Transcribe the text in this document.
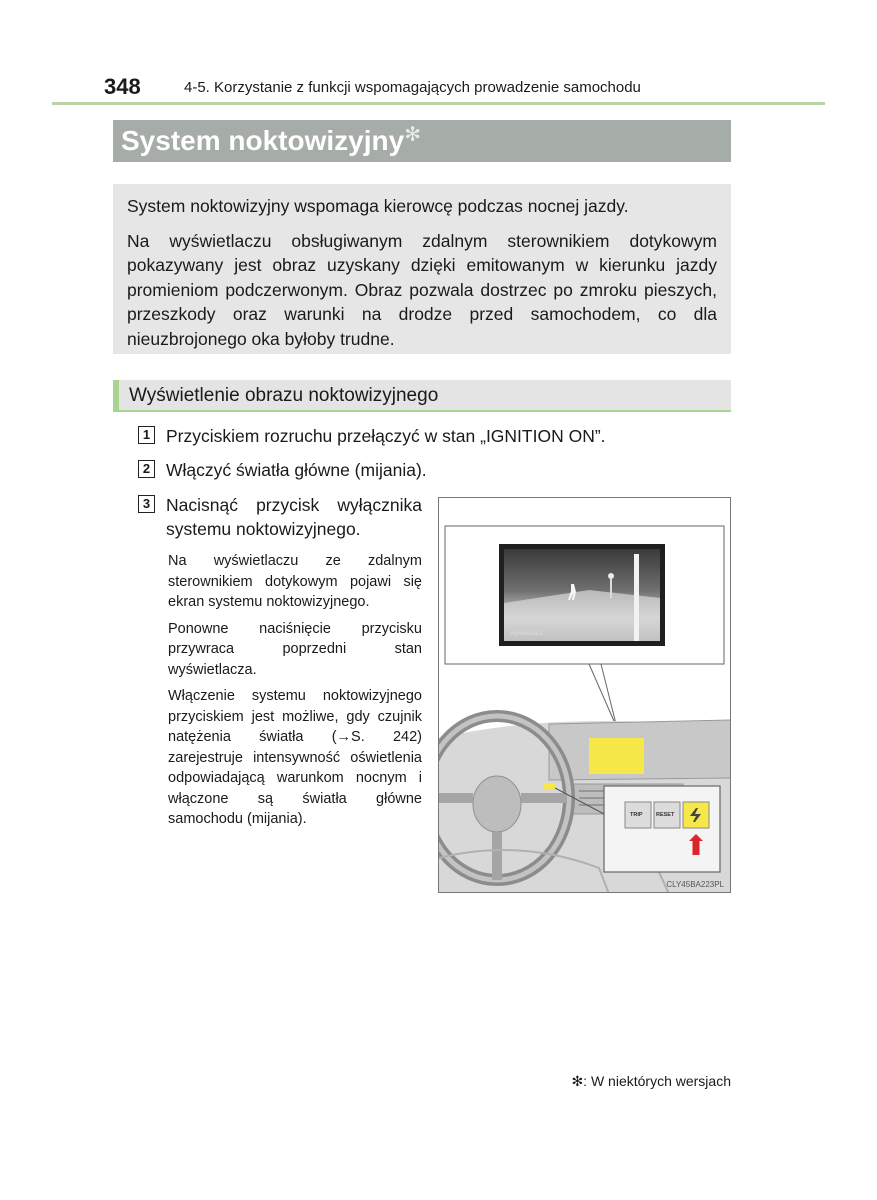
348	4-5. Korzystanie z funkcji wspomagających prowadzenie samochodu
System noktowizyjny ✻

System noktowizyjny wspomaga kierowcę podczas nocnej jazdy.

Na wyświetlaczu obsługiwanym zdalnym sterownikiem dotykowym pokazywany jest obraz uzyskany dzięki emitowanym w kierunku jazdy promieniom podczerwonym. Obraz pozwala dostrzec po zmroku pieszych, przeszkody oraz warunki na drodze przed samochodem, co dla nieuzbrojonego oka byłoby trudne.

Wyświetlenie obrazu noktowizyjnego
1 Przyciskiem rozruchu przełączyć w stan „IGNITION ON”.
2 Włączyć światła główne (mijania).
3 Nacisnąć przycisk wyłącznika
systemu noktowizyjnego.

Na wyświetlaczu ze zdalnym sterownikiem dotykowym pojawi się ekran systemu noktowizyjnego.

Ponowne naciśnięcie przycisku przywraca poprzedni stan wyświetlacza.

Włączenie systemu noktowizyjnego przyciskiem jest możliwe, gdy czujnik natężenia światła (→S. 242) zarejestruje intensywność oświetlenia odpowiadającą warunkom nocnym i włączone są światła główne samochodu (mijania).

Wyświetlacz
TRIP RESET
CLY45BA223PL
✻: W niektórych wersjach
